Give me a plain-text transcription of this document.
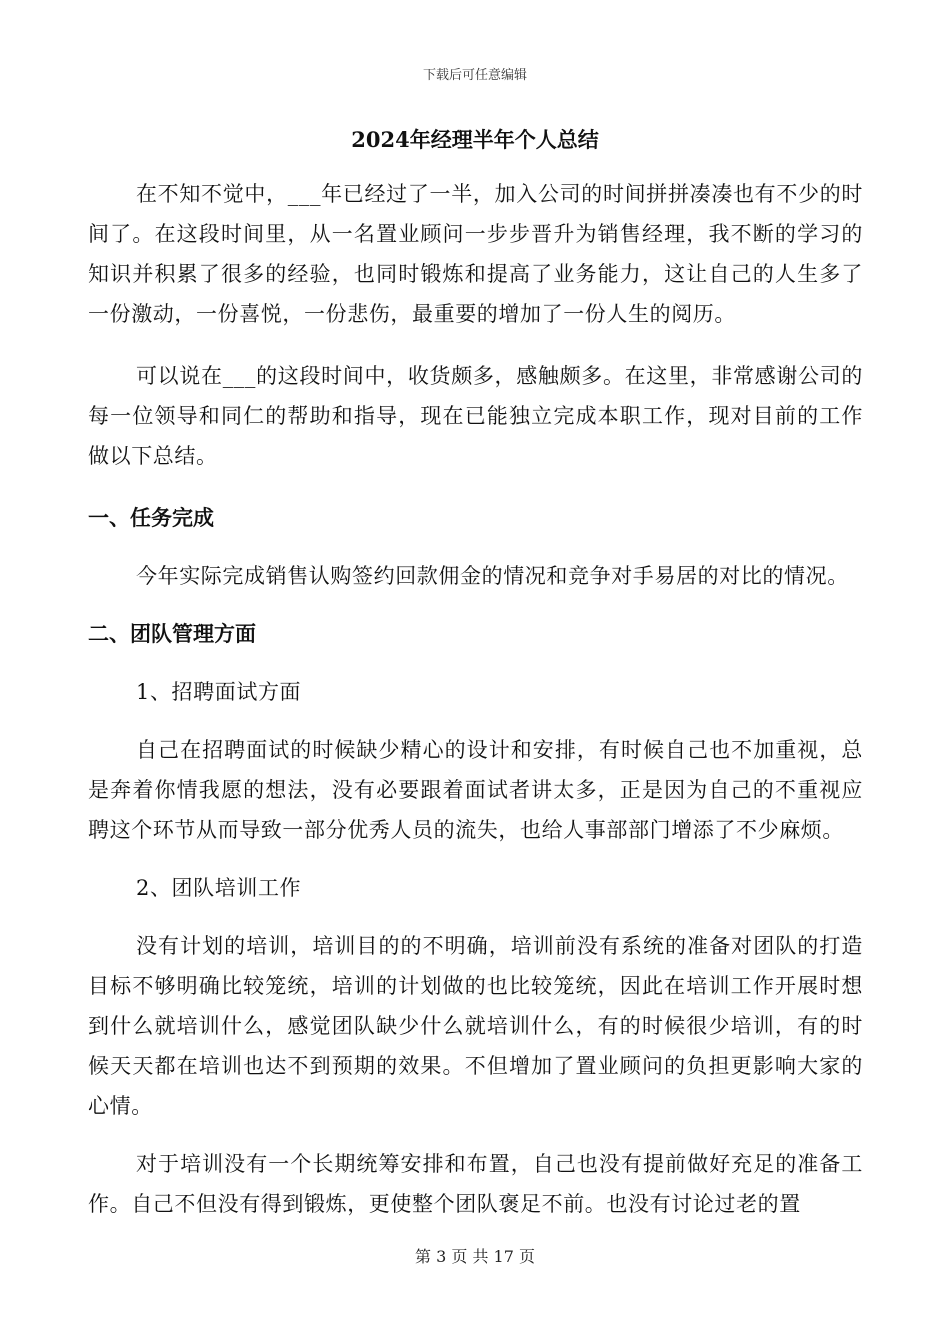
下载后可任意编辑
2024年经理半年个人总结

在不知不觉中，___年已经过了一半，加入公司的时间拼拼凑凑也有不少的时间了。在这段时间里，从一名置业顾问一步步晋升为销售经理，我不断的学习的知识并积累了很多的经验，也同时锻炼和提高了业务能力，这让自己的人生多了一份激动，一份喜悦，一份悲伤，最重要的增加了一份人生的阅历。

可以说在___的这段时间中，收货颇多，感触颇多。在这里，非常感谢公司的每一位领导和同仁的帮助和指导，现在已能独立完成本职工作，现对目前的工作做以下总结。

一、任务完成

今年实际完成销售认购签约回款佣金的情况和竞争对手易居的对比的情况。

二、团队管理方面

1、招聘面试方面

自己在招聘面试的时候缺少精心的设计和安排，有时候自己也不加重视，总是奔着你情我愿的想法，没有必要跟着面试者讲太多，正是因为自己的不重视应聘这个环节从而导致一部分优秀人员的流失，也给人事部部门增添了不少麻烦。

2、团队培训工作

没有计划的培训，培训目的的不明确，培训前没有系统的准备对团队的打造目标不够明确比较笼统，培训的计划做的也比较笼统，因此在培训工作开展时想到什么就培训什么，感觉团队缺少什么就培训什么，有的时候很少培训，有的时候天天都在培训也达不到预期的效果。不但增加了置业顾问的负担更影响大家的心情。

对于培训没有一个长期统筹安排和布置，自己也没有提前做好充足的准备工作。自己不但没有得到锻炼，更使整个团队褒足不前。也没有讨论过老的置

第 3 页 共 17 页
